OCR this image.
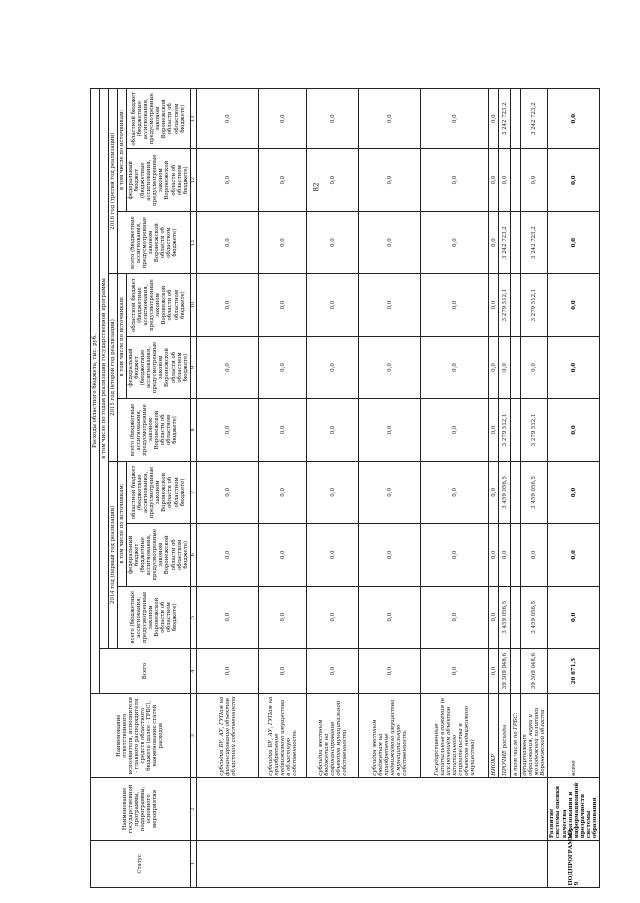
82
Статус	Наименование государственной программы, подпрограммы, основного мероприятия	Наименование ответственного исполнителя, исполнителя - главного распорядителя средств областного бюджета (далее - ГРБС), наименование статей расходов	Расходы областного бюджета, тыс. руб.									
			Всего	в том числе по годам реализации государственной программы								
				2014 год (первый год реализации)			2015 год (второй год реализации)			2016 год (третий год реализации)		
				всего (бюджетные ассигнования, предусмотренные законом Воронежской области об областном бюджете)	в том числе по источникам:		всего (бюджетные ассигнования, предусмотренные законом Воронежской области об областном бюджете)	в том числе по источникам:		всего (бюджетные ассигнования, предусмотренные законом Воронежской области об областном бюджете)	в том числе по источникам:	
					федеральный бюджет (бюджетные ассигнования, предусмотренные законом Воронежской области об областном бюджете)	областной бюджет (бюджетные ассигнования, предусмотренные законом Воронежской области об областном бюджете)		федеральный бюджет (бюджетные ассигнования, предусмотренные законом Воронежской области об областном бюджете)	областной бюджет (бюджетные ассигнования, предусмотренные законом Воронежской области об областном бюджете)		федеральный бюджет (бюджетные ассигнования, предусмотренные законом Воронежской области об областном бюджете)	областной бюджет (бюджетные ассигнования, предусмотренные законом Воронежской области об областном бюджете)
1	2	3	4	5	6	7	8	9	10	11	12	13
		субсидии БУ, АУ, ГУПам на финансирование объектов областной собственности	0,0	0,0	0,0	0,0	0,0	0,0	0,0	0,0	0,0	0,0
		субсидии БУ, АУ, ГУПам на приобретение недвижимого имущества в областную собственность	0,0	0,0	0,0	0,0	0,0	0,0	0,0	0,0	0,0	0,0
		субсидии местным бюджетам на софинансирование объектов муниципальной собственности	0,0	0,0	0,0	0,0	0,0	0,0	0,0	0,0	0,0	0,0
		субсидии местным бюджетам на приобретение недвижимого имущества в муниципальную собственность	0,0	0,0	0,0	0,0	0,0	0,0	0,0	0,0	0,0	0,0
		Государственные капитальные вложения (в исключением объектов капитального строительства в объектов недвижимого имущества)	0,0	0,0	0,0	0,0	0,0	0,0	0,0	0,0	0,0	0,0
		НИОКР	0,0	0,0	0,0	0,0	0,0	0,0	0,0	0,0	0,0	0,0
		ПРОЧИЕ расходы	39 309 048,6	3 459 056,5	0,0	3 459 056,5	3 279 512,1	0,0	3 279 512,1	3 242 723,2	0,0	3 242 723,2
		в том числе по ГРБС:										
		департамент образования, науки и молодежной политики Воронежской области	39 309 048,6	3 459 056,5	0,0	3 459 056,5	3 279 512,1	0,0	3 279 512,1	3 242 723,2	0,0	3 242 723,2
ПОДПРОГРАММА 9	Развитие системы оценки качества образования и информационной прозрачности системы образования	всего	20 871,5	0,0	0,0	0,0	0,0	0,0	0,0	0,0	0,0	0,0
